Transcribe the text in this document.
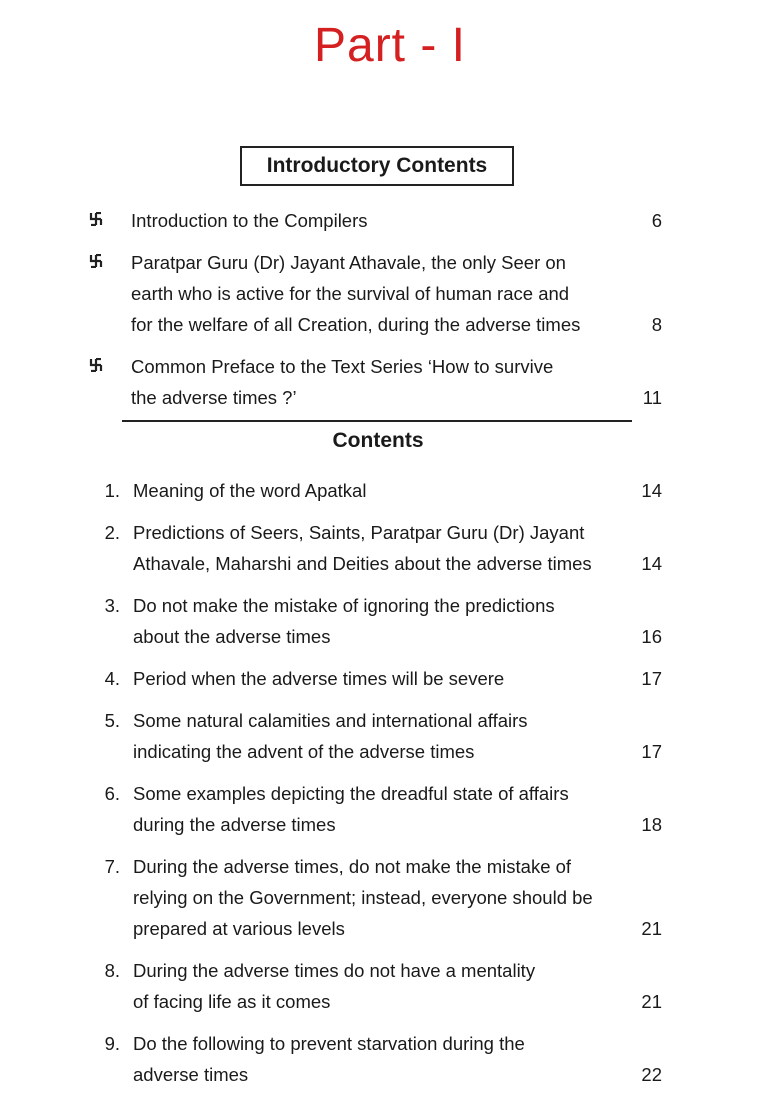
Part - I
Introductory Contents
Introduction to the Compilers	6
Paratpar Guru (Dr) Jayant Athavale, the only Seer on
earth who is active for the survival of human race and
for the welfare of all Creation, during the adverse times	8
Common Preface to the Text Series ‘How to survive
the adverse times ?’	11
Contents
1. Meaning of the word Apatkal	14
2. Predictions of Seers, Saints, Paratpar Guru (Dr) Jayant
Athavale, Maharshi and Deities about the adverse times	14
3. Do not make the mistake of ignoring the predictions
about the adverse times	16
4. Period when the adverse times will be severe	17
5. Some natural calamities and international affairs
indicating the advent of the adverse times	17
6. Some examples depicting the dreadful state of affairs
during the adverse times	18
7. During the adverse times, do not make the mistake of
relying on the Government; instead, everyone should be
prepared at various levels	21
8. During the adverse times do not have a mentality
of facing life as it comes	21
9. Do the following to prevent starvation during the
adverse times	22
